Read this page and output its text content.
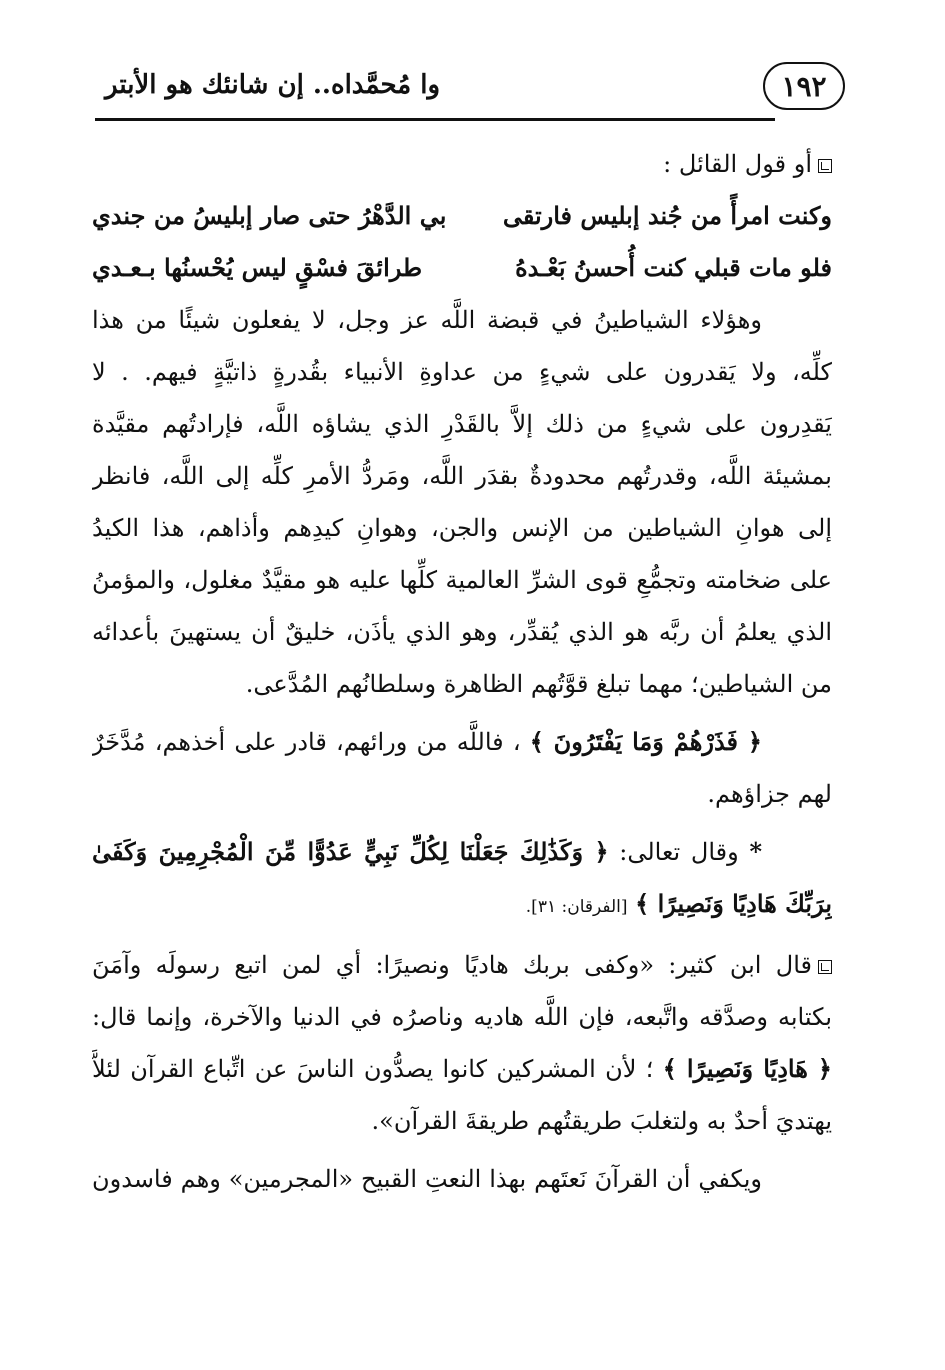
١٩٢
وا مُحمَّداه.. إن شانئك هو الأبتر
أو قول القائل :
وكنت امرأً من جُند إبليس فارتقى
بي الدَّهْرُ حتى صار إبليسُ من جندي
فلو مات قبلي كنت أُحسنُ بَعْـدهُ
طرائقَ فسْقٍ ليس يُحْسنُها بـعـدي
وهؤلاء الشياطينُ في قبضة اللَّه عز وجل، لا يفعلون شيئًا من هذا
كلِّه، ولا يَقدرون على شيءٍ من عداوةِ الأنبياء بقُدرةٍ ذاتيَّةٍ فيهم. . لا
يَقدِرون على شيءٍ من ذلك إلاَّ بالقَدْرِ الذي يشاؤه اللَّه، فإرادتُهم مقيَّدة
بمشيئة اللَّه، وقدرتُهم محدودةٌ بقدَر اللَّه، ومَردُّ الأمرِ كلِّه إلى اللَّه، فانظر
إلى هوانِ الشياطين من الإنس والجن، وهوانِ كيدِهم وأذاهم، هذا الكيدُ
على ضخامته وتجمُّعِ قوى الشرِّ العالمية كلِّها عليه هو مقيَّدٌ مغلول، والمؤمنُ
الذي يعلمُ أن ربَّه هو الذي يُقدِّر، وهو الذي يأذَن، خليقٌ أن يستهينَ بأعدائه
من الشياطين؛ مهما تبلغ قوَّتُهم الظاهرة وسلطانُهم المُدَّعى.
﴿ فَذَرْهُمْ وَمَا يَفْتَرُونَ ﴾ ، فاللَّه من ورائهم، قادر على أخذهم، مُدَّخَرٌ
لهم جزاؤهم.
* وقال تعالى: ﴿ وَكَذَٰلِكَ جَعَلْنَا لِكُلِّ نَبِيٍّ عَدُوًّا مِّنَ الْمُجْرِمِينَ وَكَفَىٰ
بِرَبِّكَ هَادِيًا وَنَصِيرًا ﴾ [الفرقان: ٣١].
قال ابن كثير: «وكفى بربك هاديًا ونصيرًا: أي لمن اتبع رسولَه وآمَنَ
بكتابه وصدَّقه واتَّبعه، فإن اللَّه هاديه وناصرُه في الدنيا والآخرة، وإنما قال:
﴿ هَادِيًا وَنَصِيرًا ﴾ ؛ لأن المشركين كانوا يصدُّون الناسَ عن اتِّباع القرآن لئلاَّ
يهتديَ أحدٌ به ولتغلبَ طريقتُهم طريقةَ القرآن».
ويكفي أن القرآنَ نَعتَهم بهذا النعتِ القبيح «المجرمين» وهم فاسدون
